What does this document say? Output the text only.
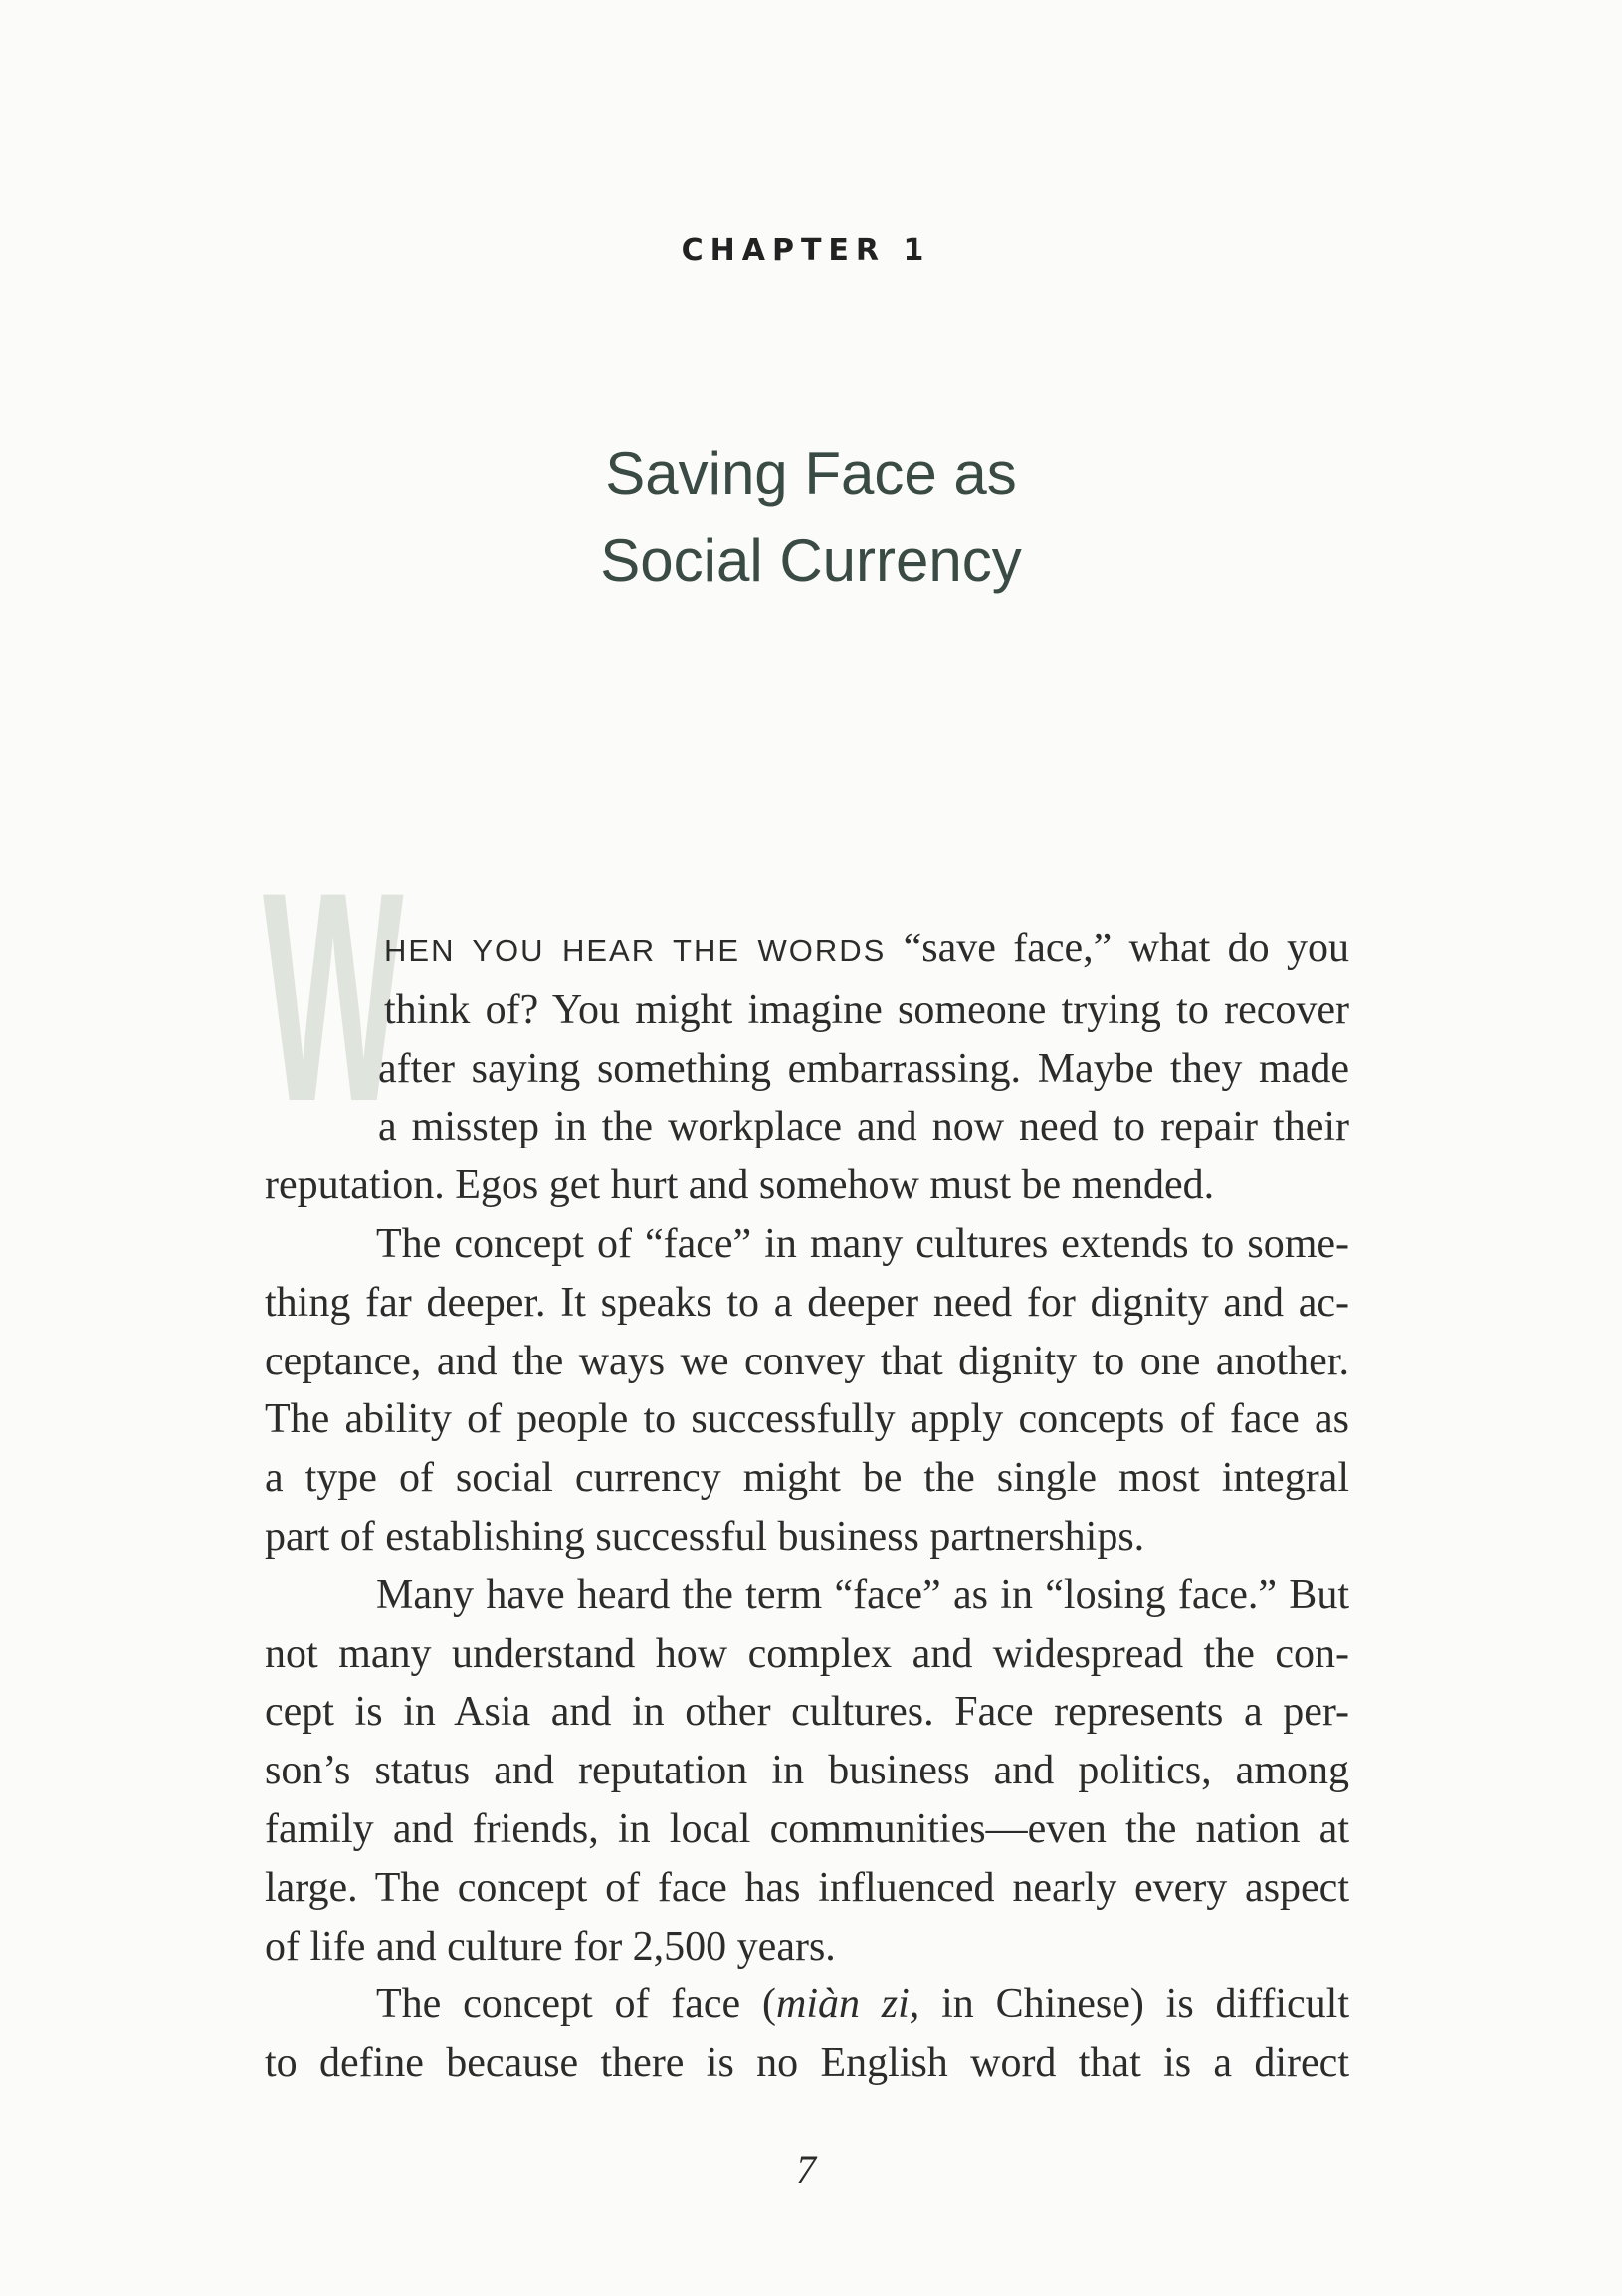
CHAPTER 1
Saving Face as
Social Currency
W

HEN YOU HEAR THE WORDS “save face,” what do you
think of? You might imagine someone trying to recover
after saying something embarrassing. Maybe they made
a misstep in the workplace and now need to repair their
reputation. Egos get hurt and somehow must be mended.

The concept of “face” in many cultures extends to some-
thing far deeper. It speaks to a deeper need for dignity and ac-
ceptance, and the ways we convey that dignity to one another.
The ability of people to successfully apply concepts of face as
a type of social currency might be the single most integral
part of establishing successful business partnerships.

Many have heard the term “face” as in “losing face.” But
not many understand how complex and widespread the con-
cept is in Asia and in other cultures. Face represents a per-
son’s status and reputation in business and politics, among
family and friends, in local communities—even the nation at
large. The concept of face has influenced nearly every aspect
of life and culture for 2,500 years.

The concept of face (miàn zi, in Chinese) is difficult
to define because there is no English word that is a direct

7
